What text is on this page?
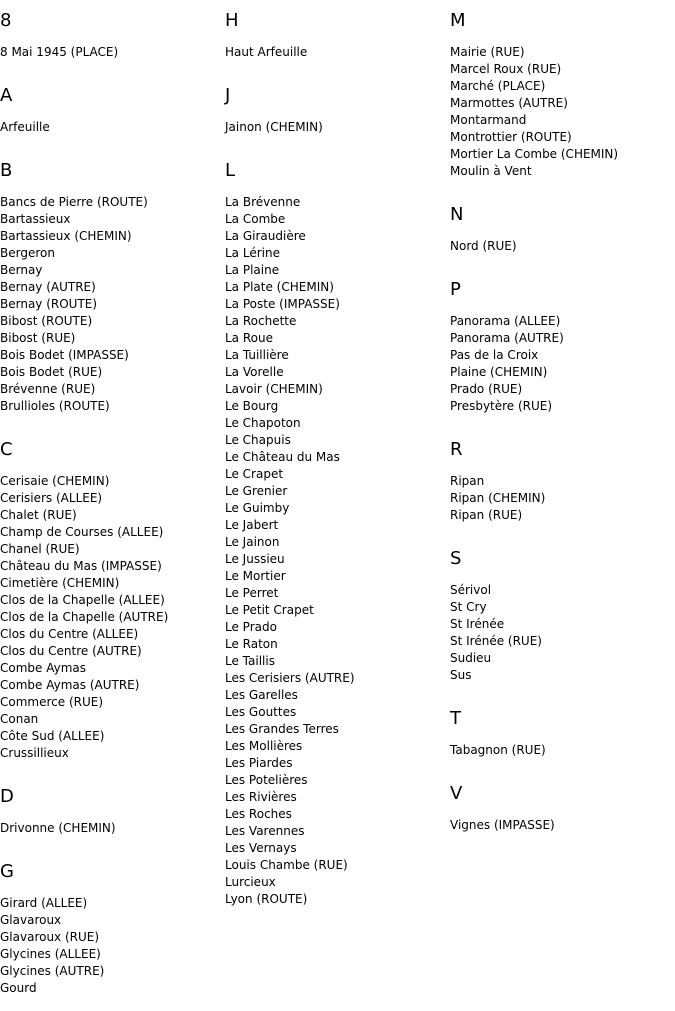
8
8 Mai 1945 (PLACE)
A
Arfeuille
B
Bancs de Pierre (ROUTE)
Bartassieux
Bartassieux (CHEMIN)
Bergeron
Bernay
Bernay (AUTRE)
Bernay (ROUTE)
Bibost (ROUTE)
Bibost (RUE)
Bois Bodet (IMPASSE)
Bois Bodet (RUE)
Brévenne (RUE)
Brullioles (ROUTE)
C
Cerisaie (CHEMIN)
Cerisiers (ALLEE)
Chalet (RUE)
Champ de Courses (ALLEE)
Chanel (RUE)
Château du Mas (IMPASSE)
Cimetière (CHEMIN)
Clos de la Chapelle (ALLEE)
Clos de la Chapelle (AUTRE)
Clos du Centre (ALLEE)
Clos du Centre (AUTRE)
Combe Aymas
Combe Aymas (AUTRE)
Commerce (RUE)
Conan
Côte Sud (ALLEE)
Crussillieux
D
Drivonne (CHEMIN)
G
Girard (ALLEE)
Glavaroux
Glavaroux (RUE)
Glycines (ALLEE)
Glycines (AUTRE)
Gourd
H
Haut Arfeuille
J
Jainon (CHEMIN)
L
La Brévenne
La Combe
La Giraudière
La Lérine
La Plaine
La Plate (CHEMIN)
La Poste (IMPASSE)
La Rochette
La Roue
La Tuillière
La Vorelle
Lavoir (CHEMIN)
Le Bourg
Le Chapoton
Le Chapuis
Le Château du Mas
Le Crapet
Le Grenier
Le Guimby
Le Jabert
Le Jainon
Le Jussieu
Le Mortier
Le Perret
Le Petit Crapet
Le Prado
Le Raton
Le Taillis
Les Cerisiers (AUTRE)
Les Garelles
Les Gouttes
Les Grandes Terres
Les Mollières
Les Piardes
Les Potelières
Les Rivières
Les Roches
Les Varennes
Les Vernays
Louis Chambe (RUE)
Lurcieux
Lyon (ROUTE)
M
Mairie (RUE)
Marcel Roux (RUE)
Marché (PLACE)
Marmottes (AUTRE)
Montarmand
Montrottier (ROUTE)
Mortier La Combe (CHEMIN)
Moulin à Vent
N
Nord (RUE)
P
Panorama (ALLEE)
Panorama (AUTRE)
Pas de la Croix
Plaine (CHEMIN)
Prado (RUE)
Presbytère (RUE)
R
Ripan
Ripan (CHEMIN)
Ripan (RUE)
S
Sérivol
St Cry
St Irénée
St Irénée (RUE)
Sudieu
Sus
T
Tabagnon (RUE)
V
Vignes (IMPASSE)
